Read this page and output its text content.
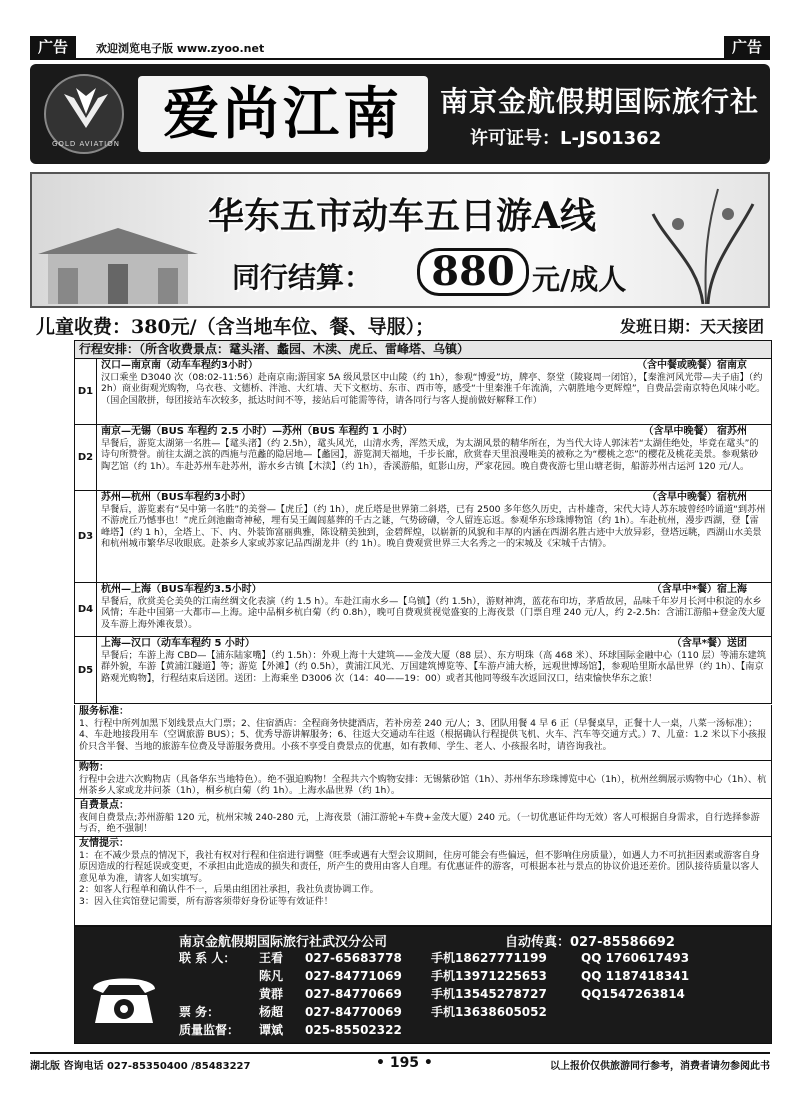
广告	欢迎浏览电子版 www.zyoo.net	广告
GOLD AVIATION 爱尚江南	南京金航假期国际旅行社
许可证号：L-JS01362
华东五市动车五日游A线
同行结算：	880 元/成人
儿童收费：380元/（含当地车位、餐、导服）；	发班日期：天天接团
行程安排：（所含收费景点：鼋头渚、蠡园、木渎、虎丘、雷峰塔、乌镇）
D1
汉口—南京南（动车车程约3小时）	（含中餐或晚餐）宿南京
汉口乘坐 D3040 次（08:02-11:56）赴南京南;游国家 5A 级风景区中山陵（约 1h），参观“博爱”坊，牌亭、祭堂（陵寝周一闭馆），【秦淮河风光带—夫子庙】（约 2h）商业街观光购物，乌衣巷、文德桥、泮池、大红墙、天下文枢坊、东市、西市等，感受“十里秦淮千年流淌，六朝胜地今更辉煌”，自费品尝南京特色风味小吃。（国企国散拼，每团接站车次较多，抵达时间不等，接站后可能需等待，请各同行与客人提前做好解释工作）
D2
南京—无锡（BUS 车程约 2.5 小时）—苏州（BUS 车程约 1 小时）	（含早中晚餐） 宿苏州
早餐后，游览太湖第一名胜—【鼋头渚】（约 2.5h），鼋头风光，山清水秀，浑然天成，为太湖风景的精华所在，为当代大诗人郭沫若“太湖佳绝处，毕竟在鼋头”的诗句所赞誉。前往太湖之滨的西施与范蠡的隐居地—【蠡园】，游览洞天福地，千步长廊，欣赏春天里浪漫唯美的被称之为“樱桃之恋”的樱花及桃花美景。参观紫砂陶艺馆（约 1h）。车赴苏州车赴苏州，游水乡古镇【木渎】（约 1h），香溪游船，虹影山房，严家花园。晚自费夜游七里山塘老街，船游苏州古运河 120 元/人。
D3
苏州—杭州（BUS车程约3小时）	（含早中晚餐）宿杭州
早餐后，游览素有“吴中第一名胜”的美誉—【虎丘】（约 1h），虎丘塔是世界第二斜塔，已有 2500 多年悠久历史，古朴雄奇，宋代大诗人苏东坡曾经吟诵道“到苏州不游虎丘乃憾事也！”虎丘剑池幽奇神秘，埋有吴王阖闾墓葬的千古之谜，气势磅礴，令人留连忘返。参观华东珍珠博物馆（约 1h）。车赴杭州，漫步西湖，登【雷峰塔】（约 1 h），全塔上、下、内、外装饰富丽典雅，陈设精美独到，金碧辉煌，以崭新的风貌和丰厚的内涵在西湖名胜古迹中大放异彩，登塔远眺，西湖山水美景和杭州城市繁华尽收眼底。赴茶乡人家或苏家记品西湖龙井（约 1h）。晚自费观赏世界三大名秀之一的宋城及《宋城千古情》。
D4
杭州—上海（BUS车程约3.5小时）	（含早中*餐）宿上海
早餐后，欣赏美仑美奂的江南丝绸文化表演（约 1.5 h）。车赴江南水乡—【乌镇】（约 1.5h），游财神湾，蓝花布印坊，茅盾故居，品味千年岁月长河中积淀的水乡风情；车赴中国第一大都市—上海。途中品桐乡杭白菊（约 0.8h），晚可自费观赏视觉盛宴的上海夜景（门票自理 240 元/人，约 2-2.5h：含浦江游船+登金茂大厦及车游上海外滩夜景）。
D5
上海—汉口（动车车程约 5 小时）	（含早*餐）送团
早餐后；车游上海 CBD—【浦东陆家嘴】（约 1.5h）：外观上海十大建筑——金茂大厦（88 层）、东方明珠（高 468 米）、环球国际金融中心（110 层）等浦东建筑群外貌，车游【黄浦江隧道】等；游览【外滩】（约 0.5h），黄浦江风光、万国建筑博览等、【车游卢浦大桥，远观世博场馆】，参观哈里斯水晶世界（约 1h）、【南京路观光购物】，行程结束后送团。送团：上海乘坐 D3006 次（14：40——19：00）或者其他同等级车次返回汉口，结束愉快华东之旅！
服务标准：
1、行程中所列加黑下划线景点大门票；2、住宿酒店：全程商务快捷酒店，若补房差 240 元/人；3、团队用餐 4 早 6 正（早餐桌早，正餐十人一桌，八菜一汤标准）；4、车赴地接段用车（空调旅游 BUS）；5、优秀导游讲解服务；6、往返大交通动车往返（根据确认行程提供飞机、火车、汽车等交通方式。）7、儿童：1.2 米以下小孩报价只含半餐、当地的旅游车位费及导游服务费用。小孩不享受自费景点的优惠，如有教师、学生、老人、小孩报名时，请咨询我社。
购物：
行程中会进六次购物店（具备华东当地特色）。绝不强迫购物！全程共六个购物安排：无锡紫砂馆（1h）、苏州华东珍珠博览中心（1h），杭州丝绸展示购物中心（1h）、杭州茶乡人家或龙井问茶（1h），桐乡杭白菊（约 1h）。上海水晶世界（约 1h）。
自费景点：
夜间自费景点;苏州游船 120 元，杭州宋城 240-280 元，上海夜景（浦江游轮+车费+金茂大厦）240 元。（一切优惠证件均无效）客人可根据自身需求，自行选择参游与否，绝不强制！
友情提示：
1：在不减少景点的情况下，我社有权对行程和住宿进行调整（旺季或遇有大型会议期间，住房可能会有些偏远，但不影响住房质量），如遇人力不可抗拒因素或游客自身原因造成的行程延误或变更，不承担由此造成的损失和责任，所产生的费用由客人自理。有优惠证件的游客，可根据本社与景点的协议价退还差价。团队接待质量以客人意见单为准，请客人如实填写。
2：如客人行程单和确认件不一，后果由组团社承担，我社负责协调工作。
3：因入住宾馆登记需要，所有游客须带好身份证等有效证件！
南京金航假期国际旅行社武汉分公司	自动传真：027-85586692
联 系 人：	王看	027-65683778	手机18627771199	QQ 1760617493
陈凡	027-84771069	手机13971225653	QQ 1187418341
黄群	027-84770669	手机13545278727	QQ1547263814
票 务：	杨超	027-84770069	手机13638605052
质量监督：	谭斌	025-85502322
湖北版 咨询电话 027-85350400 /85483227	• 195 •	以上报价仅供旅游同行参考，消费者请勿参阅此书
